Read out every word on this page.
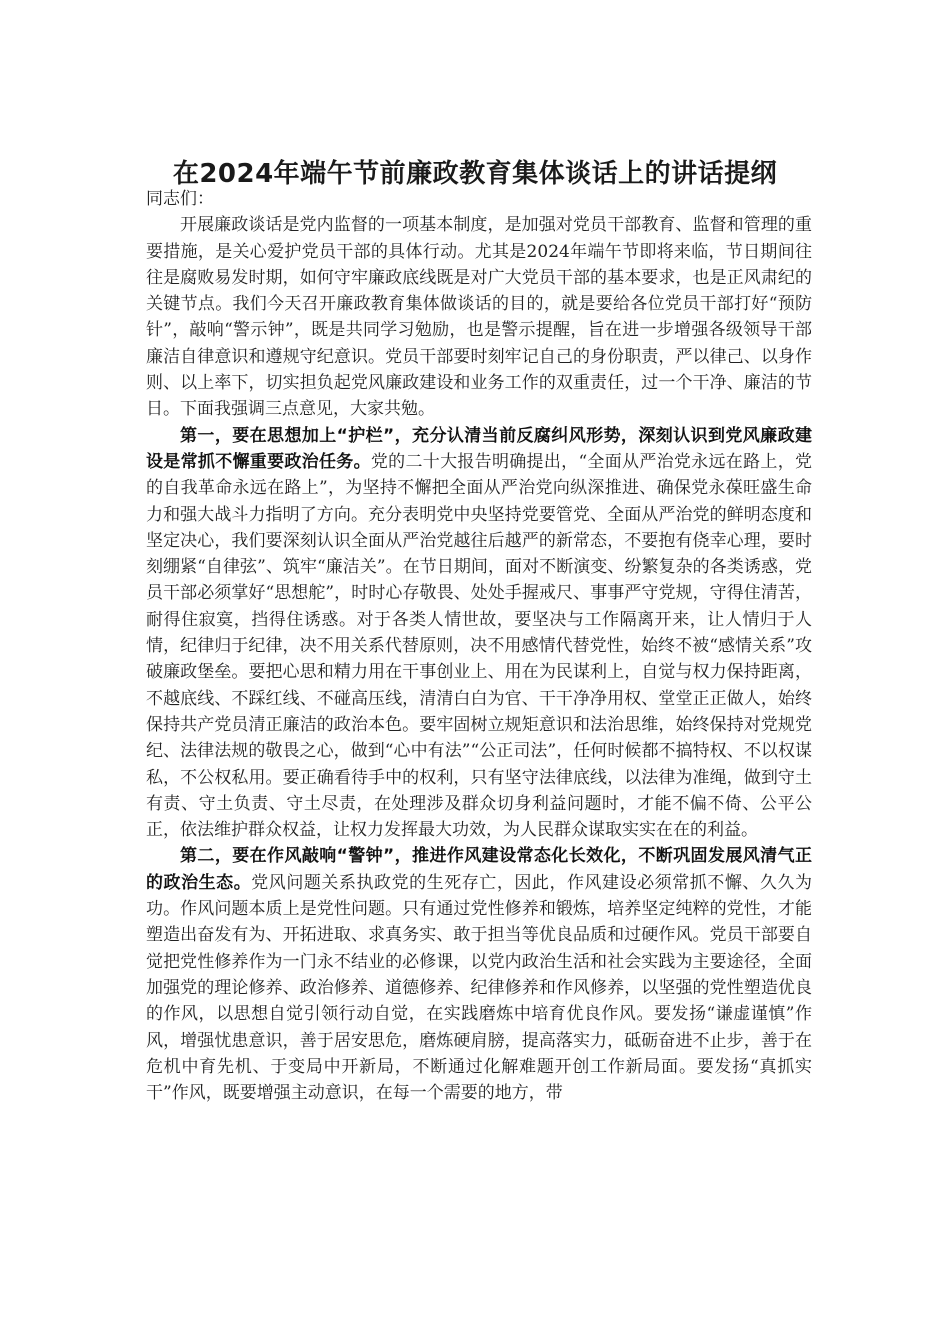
在2024年端午节前廉政教育集体谈话上的讲话提纲

同志们：

开展廉政谈话是党内监督的一项基本制度，是加强对党员干部教育、监督和管理的重要措施，是关心爱护党员干部的具体行动。尤其是2024年端午节即将来临，节日期间往往是腐败易发时期，如何守牢廉政底线既是对广大党员干部的基本要求，也是正风肃纪的关键节点。我们今天召开廉政教育集体做谈话的目的，就是要给各位党员干部打好“预防针”，敲响“警示钟”，既是共同学习勉励，也是警示提醒，旨在进一步增强各级领导干部廉洁自律意识和遵规守纪意识。党员干部要时刻牢记自己的身份职责，严以律己、以身作则、以上率下，切实担负起党风廉政建设和业务工作的双重责任，过一个干净、廉洁的节日。下面我强调三点意见，大家共勉。

第一，要在思想加上“护栏”，充分认清当前反腐纠风形势，深刻认识到党风廉政建设是常抓不懈重要政治任务。党的二十大报告明确提出，“全面从严治党永远在路上，党的自我革命永远在路上”，为坚持不懈把全面从严治党向纵深推进、确保党永葆旺盛生命力和强大战斗力指明了方向。充分表明党中央坚持党要管党、全面从严治党的鲜明态度和坚定决心，我们要深刻认识全面从严治党越往后越严的新常态，不要抱有侥幸心理，要时刻绷紧“自律弦”、筑牢“廉洁关”。在节日期间，面对不断演变、纷繁复杂的各类诱惑，党员干部必须掌好“思想舵”，时时心存敬畏、处处手握戒尺、事事严守党规，守得住清苦，耐得住寂寞，挡得住诱惑。对于各类人情世故，要坚决与工作隔离开来，让人情归于人情，纪律归于纪律，决不用关系代替原则，决不用感情代替党性，始终不被“感情关系”攻破廉政堡垒。要把心思和精力用在干事创业上、用在为民谋利上，自觉与权力保持距离，不越底线、不踩红线、不碰高压线，清清白白为官、干干净净用权、堂堂正正做人，始终保持共产党员清正廉洁的政治本色。要牢固树立规矩意识和法治思维，始终保持对党规党纪、法律法规的敬畏之心，做到“心中有法”“公正司法”，任何时候都不搞特权、不以权谋私，不公权私用。要正确看待手中的权利，只有坚守法律底线，以法律为准绳，做到守土有责、守土负责、守土尽责，在处理涉及群众切身利益问题时，才能不偏不倚、公平公正，依法维护群众权益，让权力发挥最大功效，为人民群众谋取实实在在的利益。

第二，要在作风敲响“警钟”，推进作风建设常态化长效化，不断巩固发展风清气正的政治生态。党风问题关系执政党的生死存亡，因此，作风建设必须常抓不懈、久久为功。作风问题本质上是党性问题。只有通过党性修养和锻炼，培养坚定纯粹的党性，才能塑造出奋发有为、开拓进取、求真务实、敢于担当等优良品质和过硬作风。党员干部要自觉把党性修养作为一门永不结业的必修课，以党内政治生活和社会实践为主要途径，全面加强党的理论修养、政治修养、道德修养、纪律修养和作风修养，以坚强的党性塑造优良的作风，以思想自觉引领行动自觉，在实践磨炼中培育优良作风。要发扬“谦虚谨慎”作风，增强忧患意识，善于居安思危，磨炼硬肩膀，提高落实力，砥砺奋进不止步，善于在危机中育先机、于变局中开新局，不断通过化解难题开创工作新局面。要发扬“真抓实干”作风，既要增强主动意识，在每一个需要的地方，带
